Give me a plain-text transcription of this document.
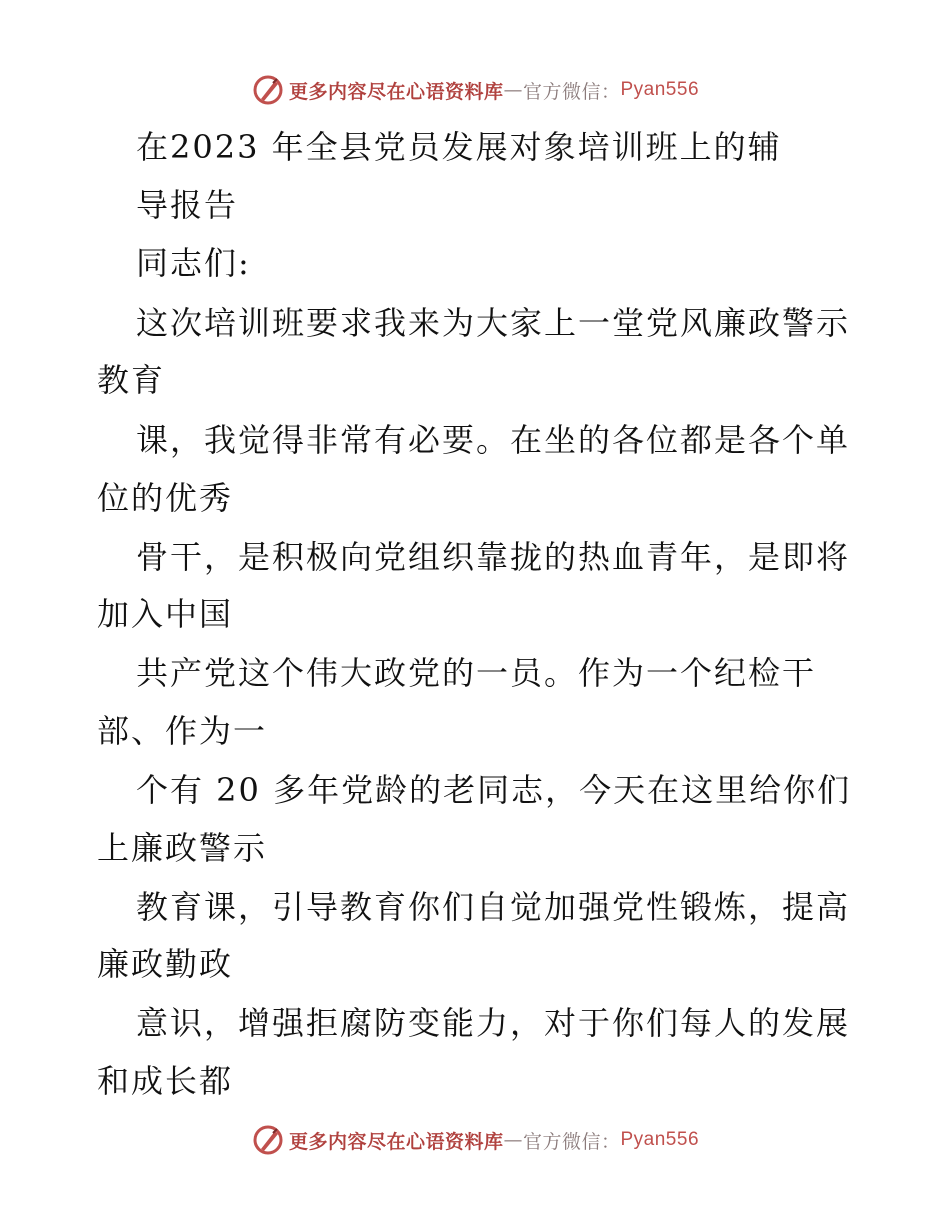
更多内容尽在心语资料库 — 官方微信： Pyan556
在2023 年全县党员发展对象培训班上的辅
导报告
同志们:
这次培训班要求我来为大家上一堂党风廉政警示
教育
课，我觉得非常有必要。在坐的各位都是各个单
位的优秀
骨干，是积极向党组织靠拢的热血青年，是即将
加入中国
共产党这个伟大政党的一员。作为一个纪检干
部、作为一
个有 20 多年党龄的老同志，今天在这里给你们
上廉政警示
教育课，引导教育你们自觉加强党性锻炼，提高
廉政勤政
意识，增强拒腐防变能力，对于你们每人的发展
和成长都
更多内容尽在心语资料库 — 官方微信： Pyan556
